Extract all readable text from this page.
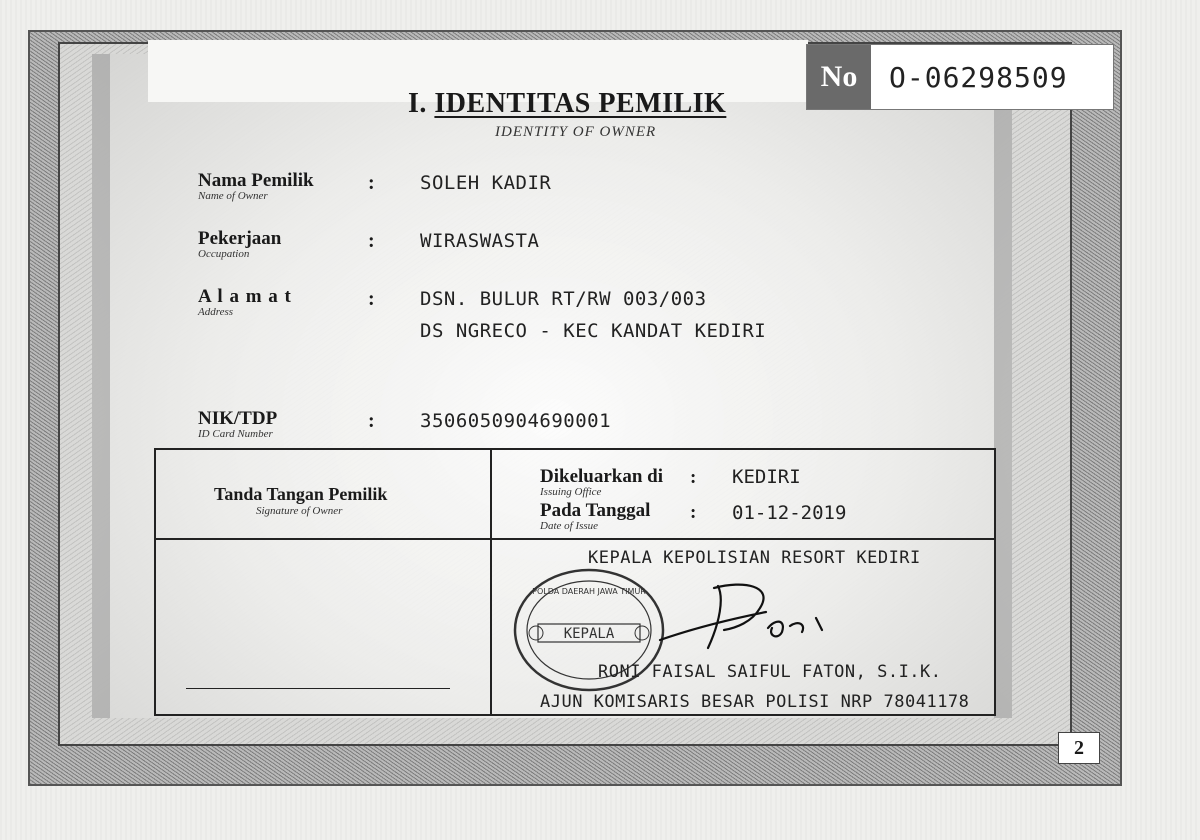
No	O-06298509
I. IDENTITAS PEMILIK
IDENTITY OF OWNER
Nama Pemilik
Name of Owner
: SOLEH KADIR
Pekerjaan
Occupation
: WIRASWASTA
A l a m a t
Address
: DSN. BULUR RT/RW 003/003
DS NGRECO - KEC KANDAT KEDIRI
NIK/TDP
ID Card Number
: 3506050904690001
Tanda Tangan Pemilik
Signature of Owner
Dikeluarkan di
Issuing Office
: KEDIRI
Pada Tanggal
Date of Issue
: 01-12-2019
KEPALA KEPOLISIAN RESORT KEDIRI
POLDA DAERAH JAWA TIMUR
KEPALA
Roni
RONI FAISAL SAIFUL FATON, S.I.K.
AJUN KOMISARIS BESAR POLISI NRP 78041178
2
